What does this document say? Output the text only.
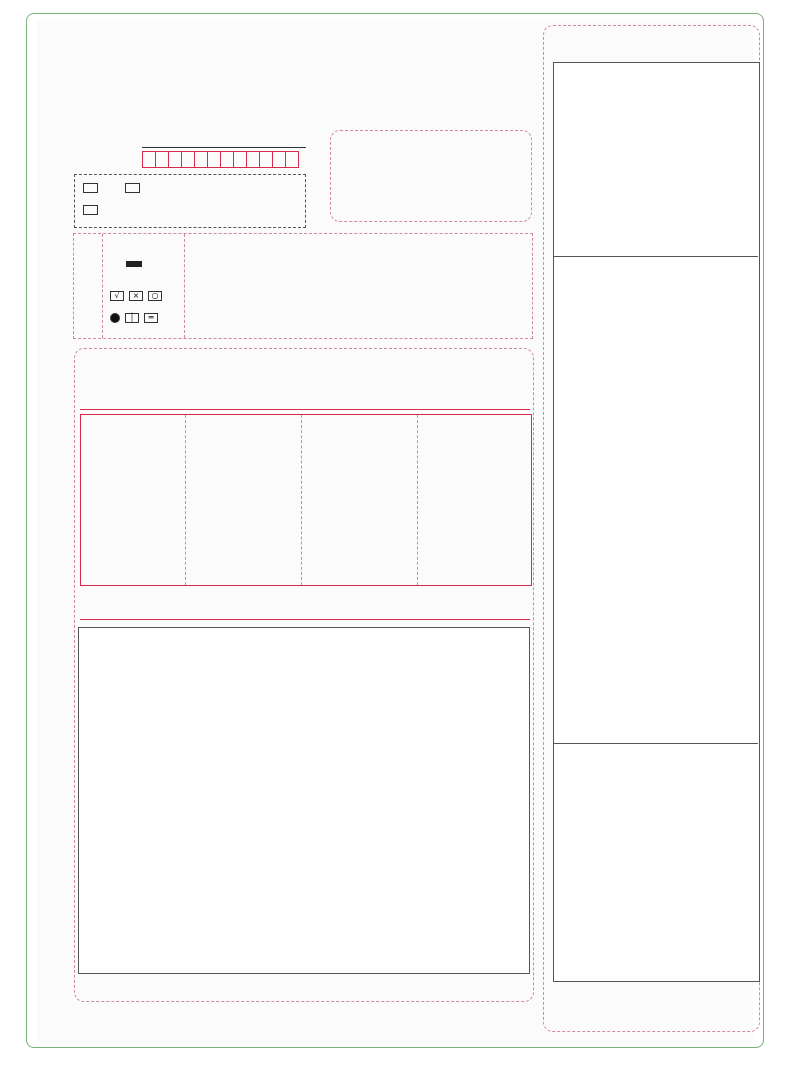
√ × ○
│ ═
